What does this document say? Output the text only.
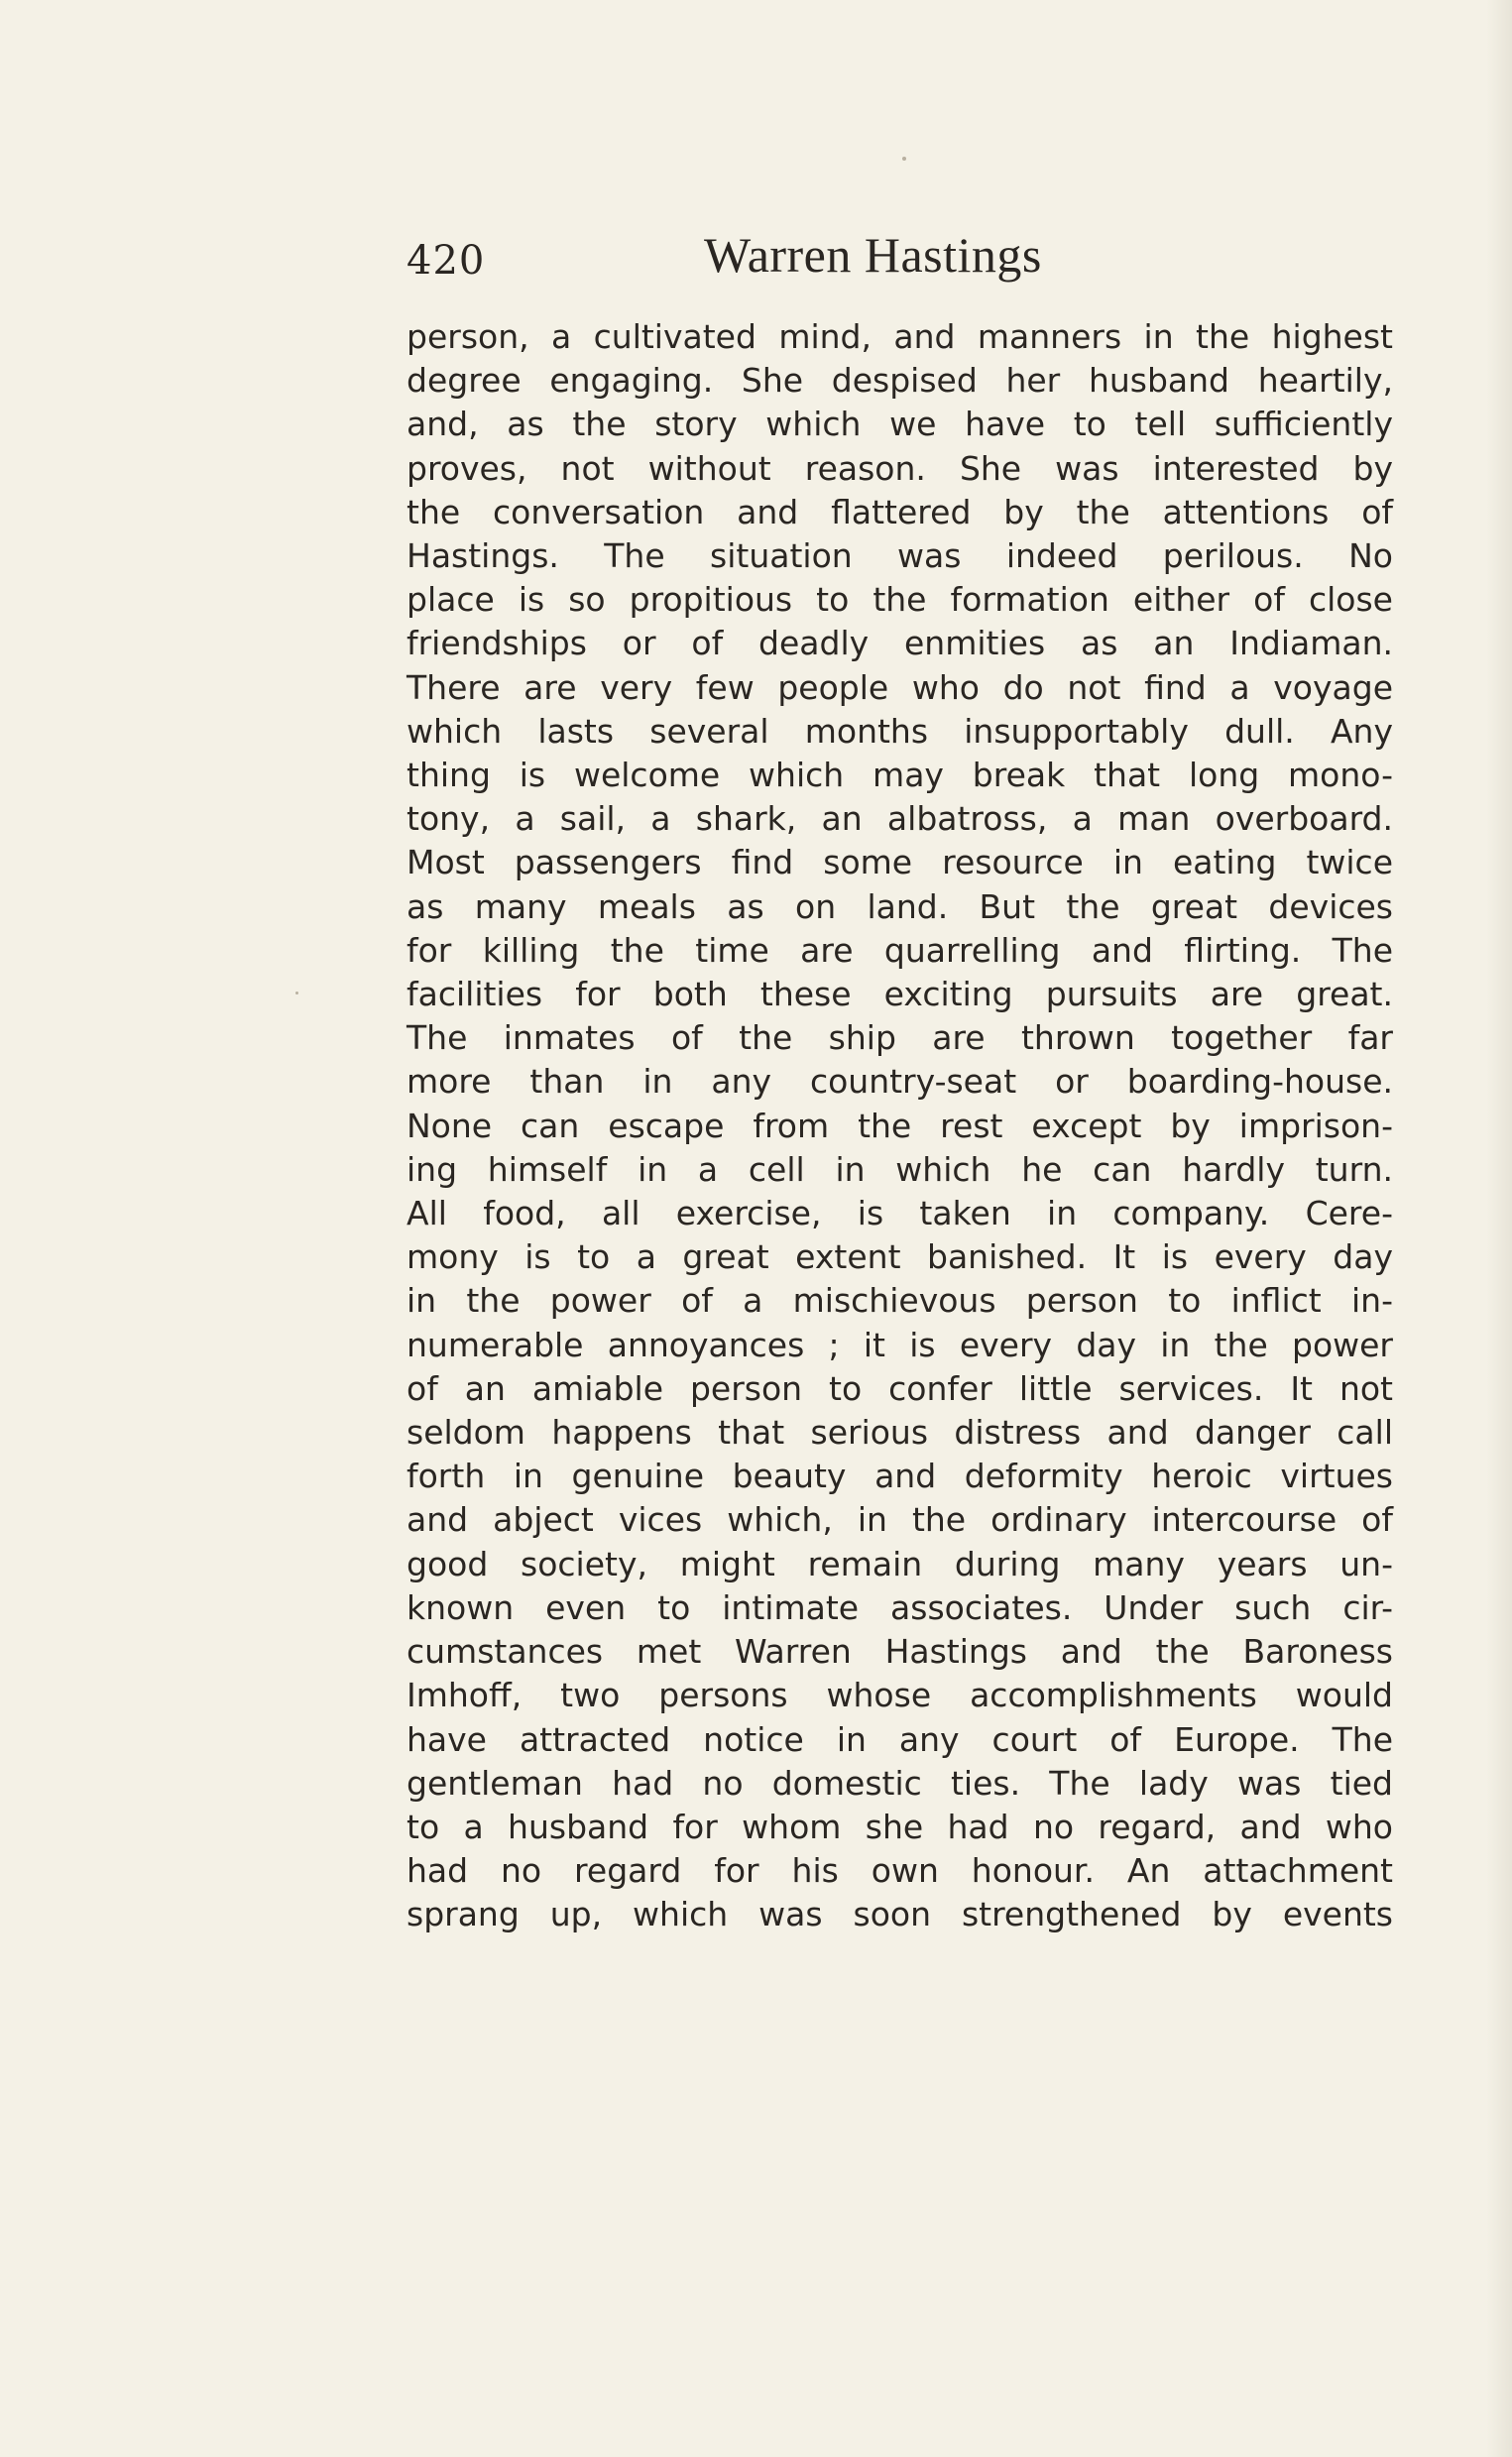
420	Warren Hastings
person, a cultivated mind, and manners in the highest
degree engaging. She despised her husband heartily,
and, as the story which we have to tell sufficiently
proves, not without reason. She was interested by
the conversation and flattered by the attentions of
Hastings. The situation was indeed perilous. No
place is so propitious to the formation either of close
friendships or of deadly enmities as an Indiaman.
There are very few people who do not find a voyage
which lasts several months insupportably dull. Any
thing is welcome which may break that long mono-
tony, a sail, a shark, an albatross, a man overboard.
Most passengers find some resource in eating twice
as many meals as on land. But the great devices
for killing the time are quarrelling and flirting. The
facilities for both these exciting pursuits are great.
The inmates of the ship are thrown together far
more than in any country-seat or boarding-house.
None can escape from the rest except by imprison-
ing himself in a cell in which he can hardly turn.
All food, all exercise, is taken in company. Cere-
mony is to a great extent banished. It is every day
in the power of a mischievous person to inflict in-
numerable annoyances ; it is every day in the power
of an amiable person to confer little services. It not
seldom happens that serious distress and danger call
forth in genuine beauty and deformity heroic virtues
and abject vices which, in the ordinary intercourse of
good society, might remain during many years un-
known even to intimate associates. Under such cir-
cumstances met Warren Hastings and the Baroness
Imhoff, two persons whose accomplishments would
have attracted notice in any court of Europe. The
gentleman had no domestic ties. The lady was tied
to a husband for whom she had no regard, and who
had no regard for his own honour. An attachment
sprang up, which was soon strengthened by events
